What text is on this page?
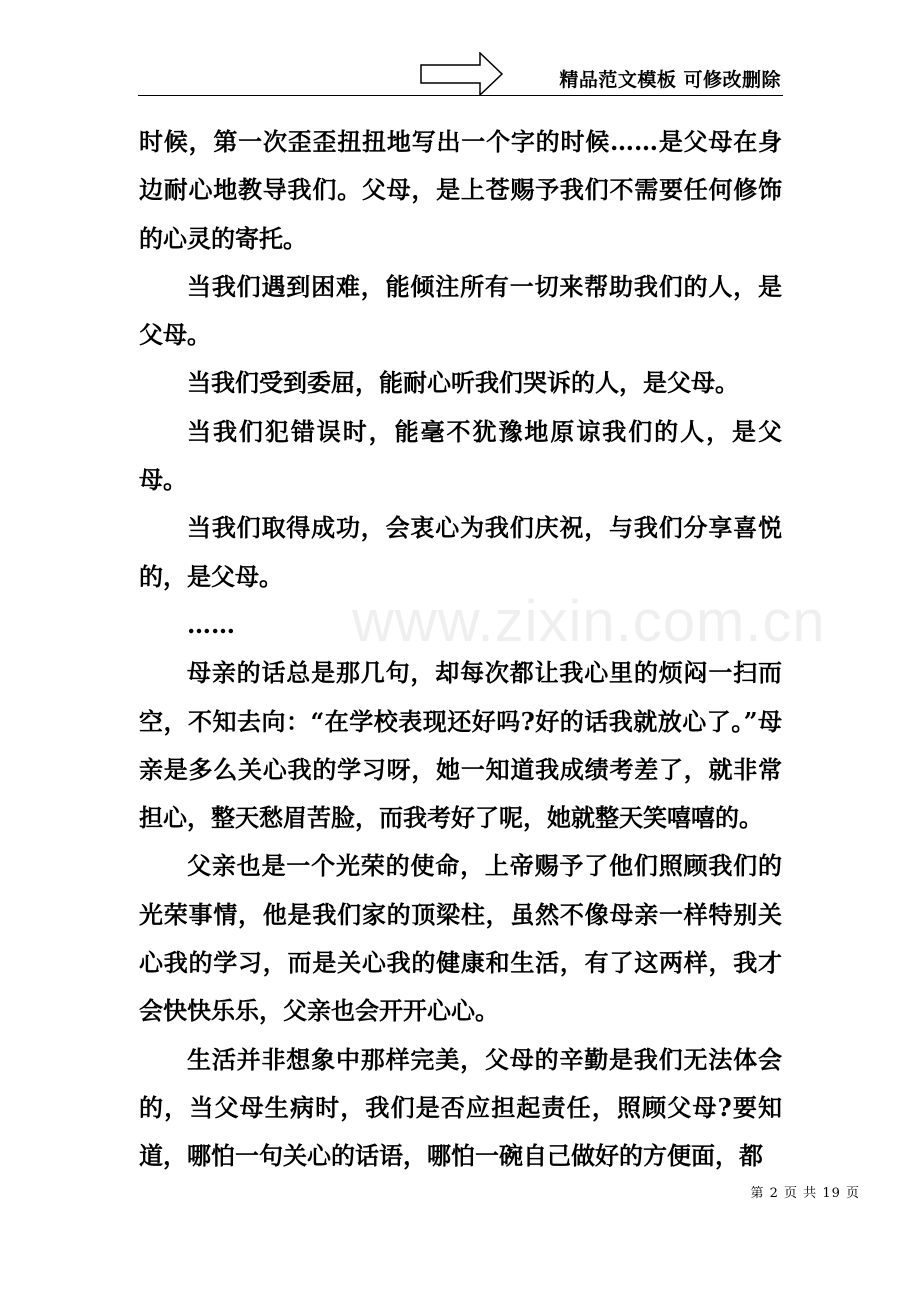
精品范文模板 可修改删除
www.zixin.com.cn

时候，第一次歪歪扭扭地写出一个字的时候……是父母在身边耐心地教导我们。父母，是上苍赐予我们不需要任何修饰的心灵的寄托。

当我们遇到困难，能倾注所有一切来帮助我们的人，是父母。

当我们受到委屈，能耐心听我们哭诉的人，是父母。

当我们犯错误时，能毫不犹豫地原谅我们的人，是父母。

当我们取得成功，会衷心为我们庆祝，与我们分享喜悦的，是父母。

……

母亲的话总是那几句，却每次都让我心里的烦闷一扫而空，不知去向：“在学校表现还好吗?好的话我就放心了。”母亲是多么关心我的学习呀，她一知道我成绩考差了，就非常担心，整天愁眉苦脸，而我考好了呢，她就整天笑嘻嘻的。

父亲也是一个光荣的使命，上帝赐予了他们照顾我们的光荣事情，他是我们家的顶梁柱，虽然不像母亲一样特别关心我的学习，而是关心我的健康和生活，有了这两样，我才会快快乐乐，父亲也会开开心心。

生活并非想象中那样完美，父母的辛勤是我们无法体会的，当父母生病时，我们是否应担起责任，照顾父母?要知道，哪怕一句关心的话语，哪怕一碗自己做好的方便面，都

第 2 页 共 19 页
